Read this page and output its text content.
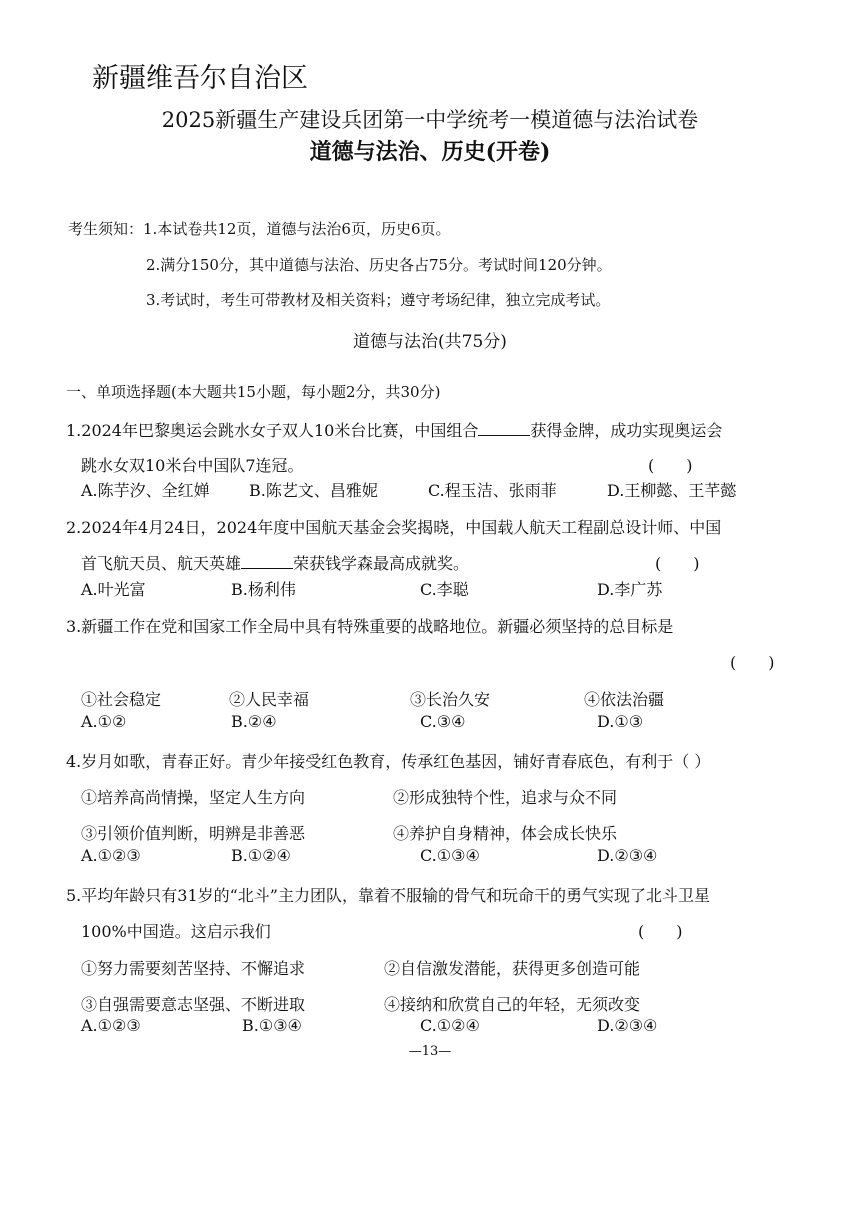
新疆维吾尔自治区
2025新疆生产建设兵团第一中学统考一模道德与法治试卷
道德与法治、历史(开卷)
考生须知：1.本试卷共12页，道德与法治6页，历史6页。
2.满分150分，其中道德与法治、历史各占75分。考试时间120分钟。
3.考试时，考生可带教材及相关资料；遵守考场纪律，独立完成考试。
道德与法治(共75分)
一、单项选择题(本大题共15小题，每小题2分，共30分)
1.2024年巴黎奥运会跳水女子双人10米台比赛，中国组合	获得金牌，成功实现奥运会
跳水女双10米台中国队7连冠。	(　　)
A.陈芋汐、全红婵 B.陈艺文、昌雅妮	C.程玉洁、张雨菲	D.王柳懿、王芊懿
2.2024年4月24日，2024年度中国航天基金会奖揭晓，中国载人航天工程副总设计师、中国
首飞航天员、航天英雄	荣获钱学森最高成就奖。	(　　)
A.叶光富	B.杨利伟	C.李聪	D.李广苏
3.新疆工作在党和国家工作全局中具有特殊重要的战略地位。新疆必须坚持的总目标是
(　　)
①社会稳定	②人民幸福	③长治久安	④依法治疆
A.①②	B.②④	C.③④	D.①③
4.岁月如歌，青春正好。青少年接受红色教育，传承红色基因，铺好青春底色，有利于（ ）
①培养高尚情操，坚定人生方向	②形成独特个性，追求与众不同
③引领价值判断，明辨是非善恶	④养护自身精神，体会成长快乐
A.①②③	B.①②④	C.①③④	D.②③④
5.平均年龄只有31岁的“北斗”主力团队，靠着不服输的骨气和玩命干的勇气实现了北斗卫星
100%中国造。这启示我们	(　　)
①努力需要刻苦坚持、不懈追求	②自信激发潜能，获得更多创造可能
③自强需要意志坚强、不断进取	④接纳和欣赏自己的年轻，无须改变
A.①②③	B.①③④	C.①②④	D.②③④
—13—
